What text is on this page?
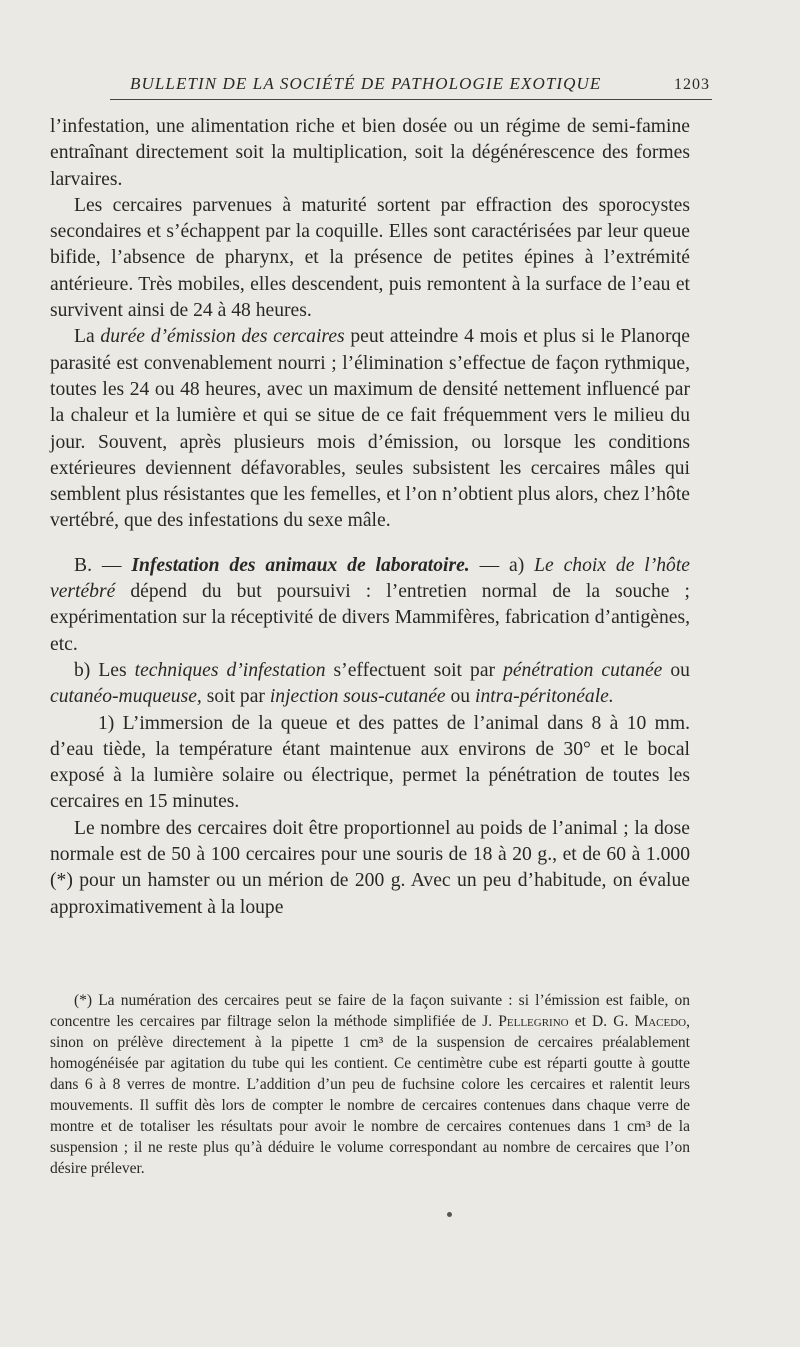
BULLETIN DE LA SOCIÉTÉ DE PATHOLOGIE EXOTIQUE	1203

l’infestation, une alimentation riche et bien dosée ou un régime de semi-famine entraînant directement soit la multiplication, soit la dégénérescence des formes larvaires.

Les cercaires parvenues à maturité sortent par effraction des sporocystes secondaires et s’échappent par la coquille. Elles sont caractérisées par leur queue bifide, l’absence de pharynx, et la présence de petites épines à l’extrémité antérieure. Très mobiles, elles descendent, puis remontent à la surface de l’eau et survivent ainsi de 24 à 48 heures.

La durée d’émission des cercaires peut atteindre 4 mois et plus si le Planorqe parasité est convenablement nourri ; l’élimination s’effectue de façon rythmique, toutes les 24 ou 48 heures, avec un maximum de densité nettement influencé par la chaleur et la lumière et qui se situe de ce fait fréquemment vers le milieu du jour. Souvent, après plusieurs mois d’émission, ou lorsque les conditions extérieures deviennent défavorables, seules subsistent les cercaires mâles qui semblent plus résistantes que les femelles, et l’on n’obtient plus alors, chez l’hôte vertébré, que des infestations du sexe mâle.

B. — Infestation des animaux de laboratoire. — a) Le choix de l’hôte vertébré dépend du but poursuivi : l’entretien normal de la souche ; expérimentation sur la réceptivité de divers Mammifères, fabrication d’antigènes, etc.

b) Les techniques d’infestation s’effectuent soit par pénétration cutanée ou cutanéo-muqueuse, soit par injection sous-cutanée ou intra-péritonéale.

1) L’immersion de la queue et des pattes de l’animal dans 8 à 10 mm. d’eau tiède, la température étant maintenue aux environs de 30° et le bocal exposé à la lumière solaire ou électrique, permet la pénétration de toutes les cercaires en 15 minutes.

Le nombre des cercaires doit être proportionnel au poids de l’animal ; la dose normale est de 50 à 100 cercaires pour une souris de 18 à 20 g., et de 60 à 1.000 (*) pour un hamster ou un mérion de 200 g. Avec un peu d’habitude, on évalue approximativement à la loupe

(*) La numération des cercaires peut se faire de la façon suivante : si l’émission est faible, on concentre les cercaires par filtrage selon la méthode simplifiée de J. Pellegrino et D. G. Macedo, sinon on prélève directement à la pipette 1 cm³ de la suspension de cercaires préalablement homogénéisée par agitation du tube qui les contient. Ce centimètre cube est réparti goutte à goutte dans 6 à 8 verres de montre. L’addition d’un peu de fuchsine colore les cercaires et ralentit leurs mouvements. Il suffit dès lors de compter le nombre de cercaires contenues dans chaque verre de montre et de totaliser les résultats pour avoir le nombre de cercaires contenues dans 1 cm³ de la suspension ; il ne reste plus qu’à déduire le volume correspondant au nombre de cercaires que l’on désire prélever.
